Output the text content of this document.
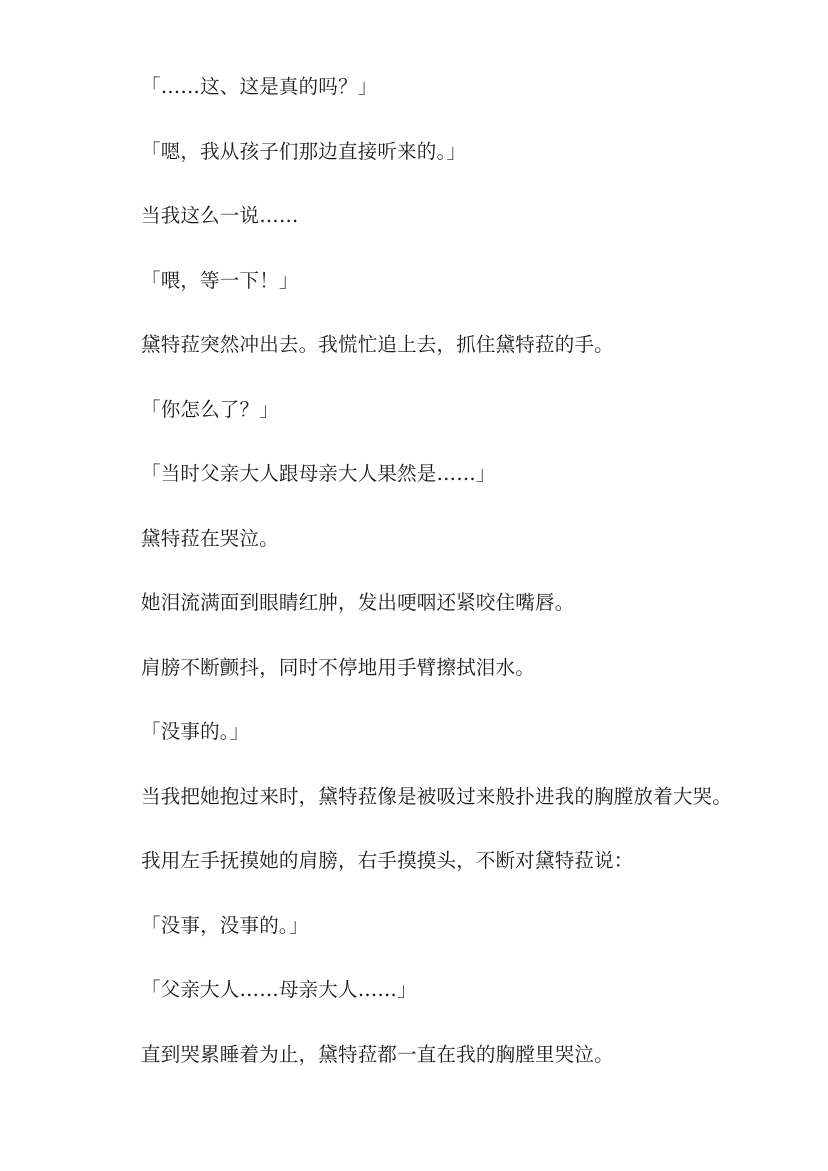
「……这、这是真的吗？」

「嗯，我从孩子们那边直接听来的。」

当我这么一说……

「喂，等一下！」

黛特菈突然冲出去。我慌忙追上去，抓住黛特菈的手。

「你怎么了？」

「当时父亲大人跟母亲大人果然是……」

黛特菈在哭泣。

她泪流满面到眼睛红肿，发出哽咽还紧咬住嘴唇。

肩膀不断颤抖，同时不停地用手臂擦拭泪水。

「没事的。」

当我把她抱过来时，黛特菈像是被吸过来般扑进我的胸膛放着大哭。

我用左手抚摸她的肩膀，右手摸摸头，不断对黛特菈说：

「没事，没事的。」

「父亲大人……母亲大人……」

直到哭累睡着为止，黛特菈都一直在我的胸膛里哭泣。
